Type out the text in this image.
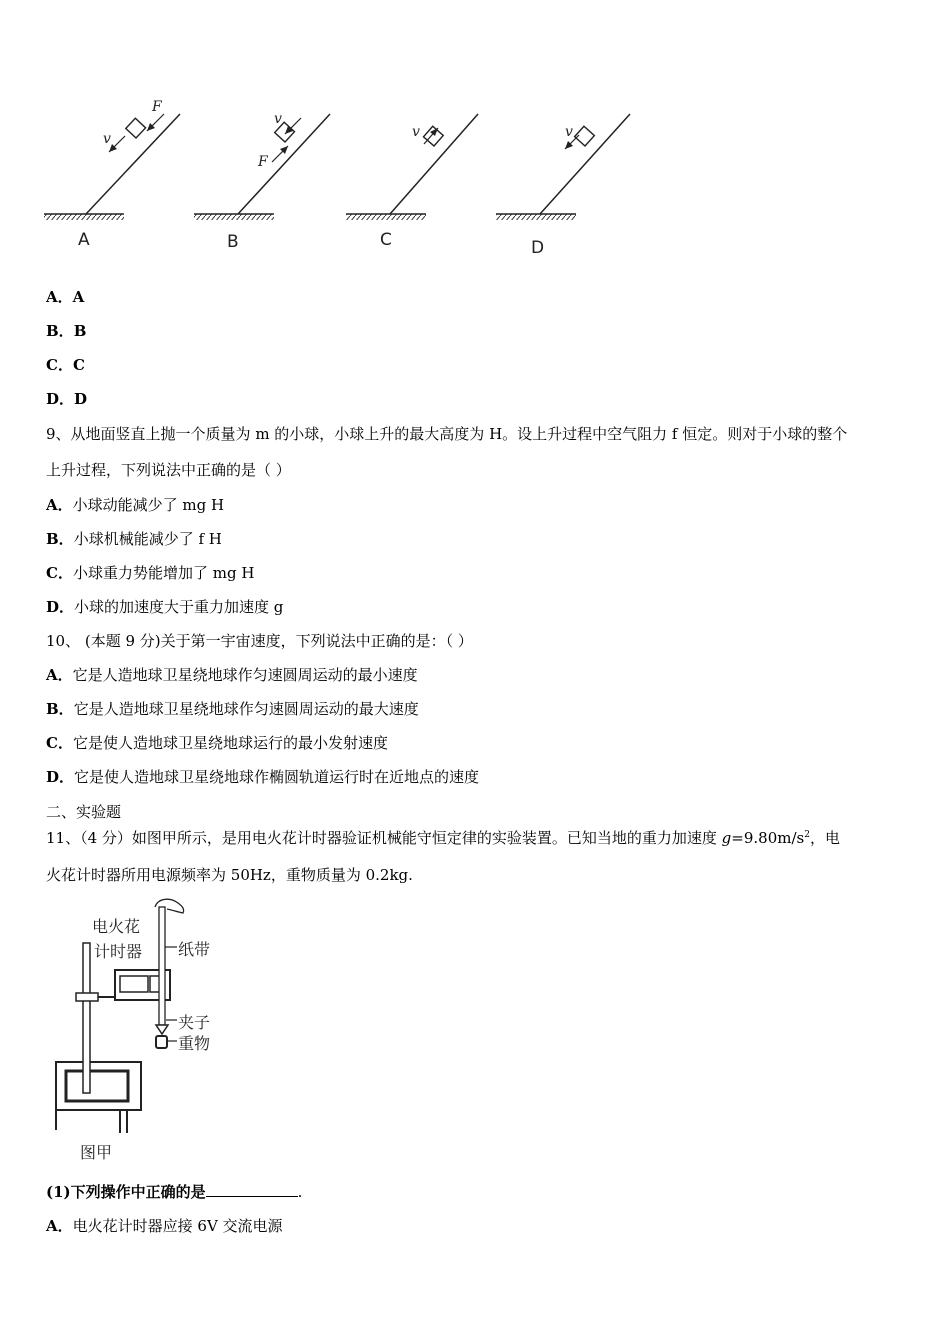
F
v
v
F
v	v
A	B	C	D
A．A
B．B
C．C
D．D
9、从地面竖直上抛一个质量为 m 的小球，小球上升的最大高度为 H。设上升过程中空气阻力 f 恒定。则对于小球的整个
上升过程，下列说法中正确的是（ ）
A．小球动能减少了 mg H
B．小球机械能减少了 f H
C．小球重力势能增加了 mg H
D．小球的加速度大于重力加速度 g
10、 (本题 9 分)关于第一宇宙速度，下列说法中正确的是：（ ）
A．它是人造地球卫星绕地球作匀速圆周运动的最小速度
B．它是人造地球卫星绕地球作匀速圆周运动的最大速度
C．它是使人造地球卫星绕地球运行的最小发射速度
D．它是使人造地球卫星绕地球作椭圆轨道运行时在近地点的速度
二、实验题
11、（4 分）如图甲所示，是用电火花计时器验证机械能守恒定律的实验装置。已知当地的重力加速度 $g=9.80m/s^2$，电
火花计时器所用电源频率为 50Hz，重物质量为 0.2kg.
电火花
计时器 纸带
夹子
重物
图甲
(1)下列操作中正确的是	.
A．电火花计时器应接 6V 交流电源
